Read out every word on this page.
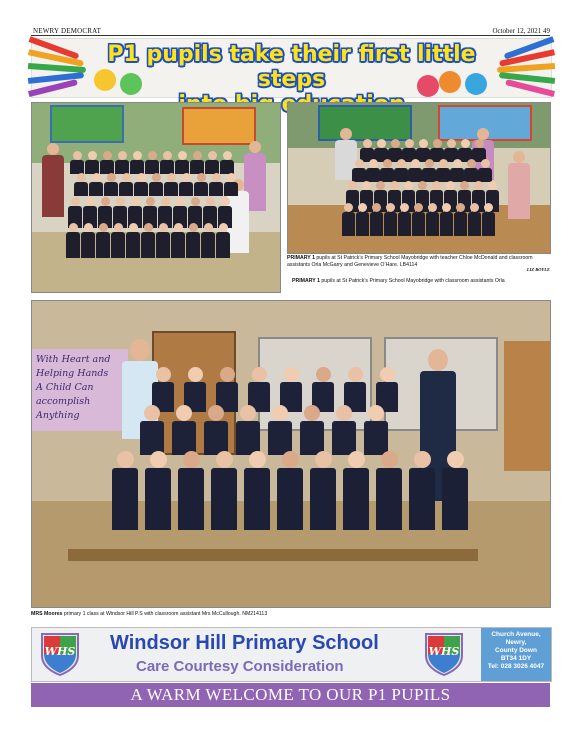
NEWRY DEMOCRAT	October 12, 2021 49
P1 pupils take their first little steps
PRIMARY 1 pupils at St Patrick’s Primary School Mayobridge with teacher Chloe McDonald and classroom assistants Orla McGarry and Genevieve O’Hare. LB4114
LIZ BOYLE
PRIMARY 1 pupils at St Patrick’s Primary School Mayobridge with classroom assistants Orla
With Heart and
Helping Hands
A Child Can
accomplish Anything
MRS Moores primary 1 class at Windsor Hill P.S with classroom assistant Mrs McCullough. NM214113
WHS Windsor Hill Primary School
Care Courtesy Consideration
WHS
Church Avenue,
Newry,
County Down
BT34 1DY
Tel: 028 3026 4047
A WARM WELCOME TO OUR P1 PUPILS
